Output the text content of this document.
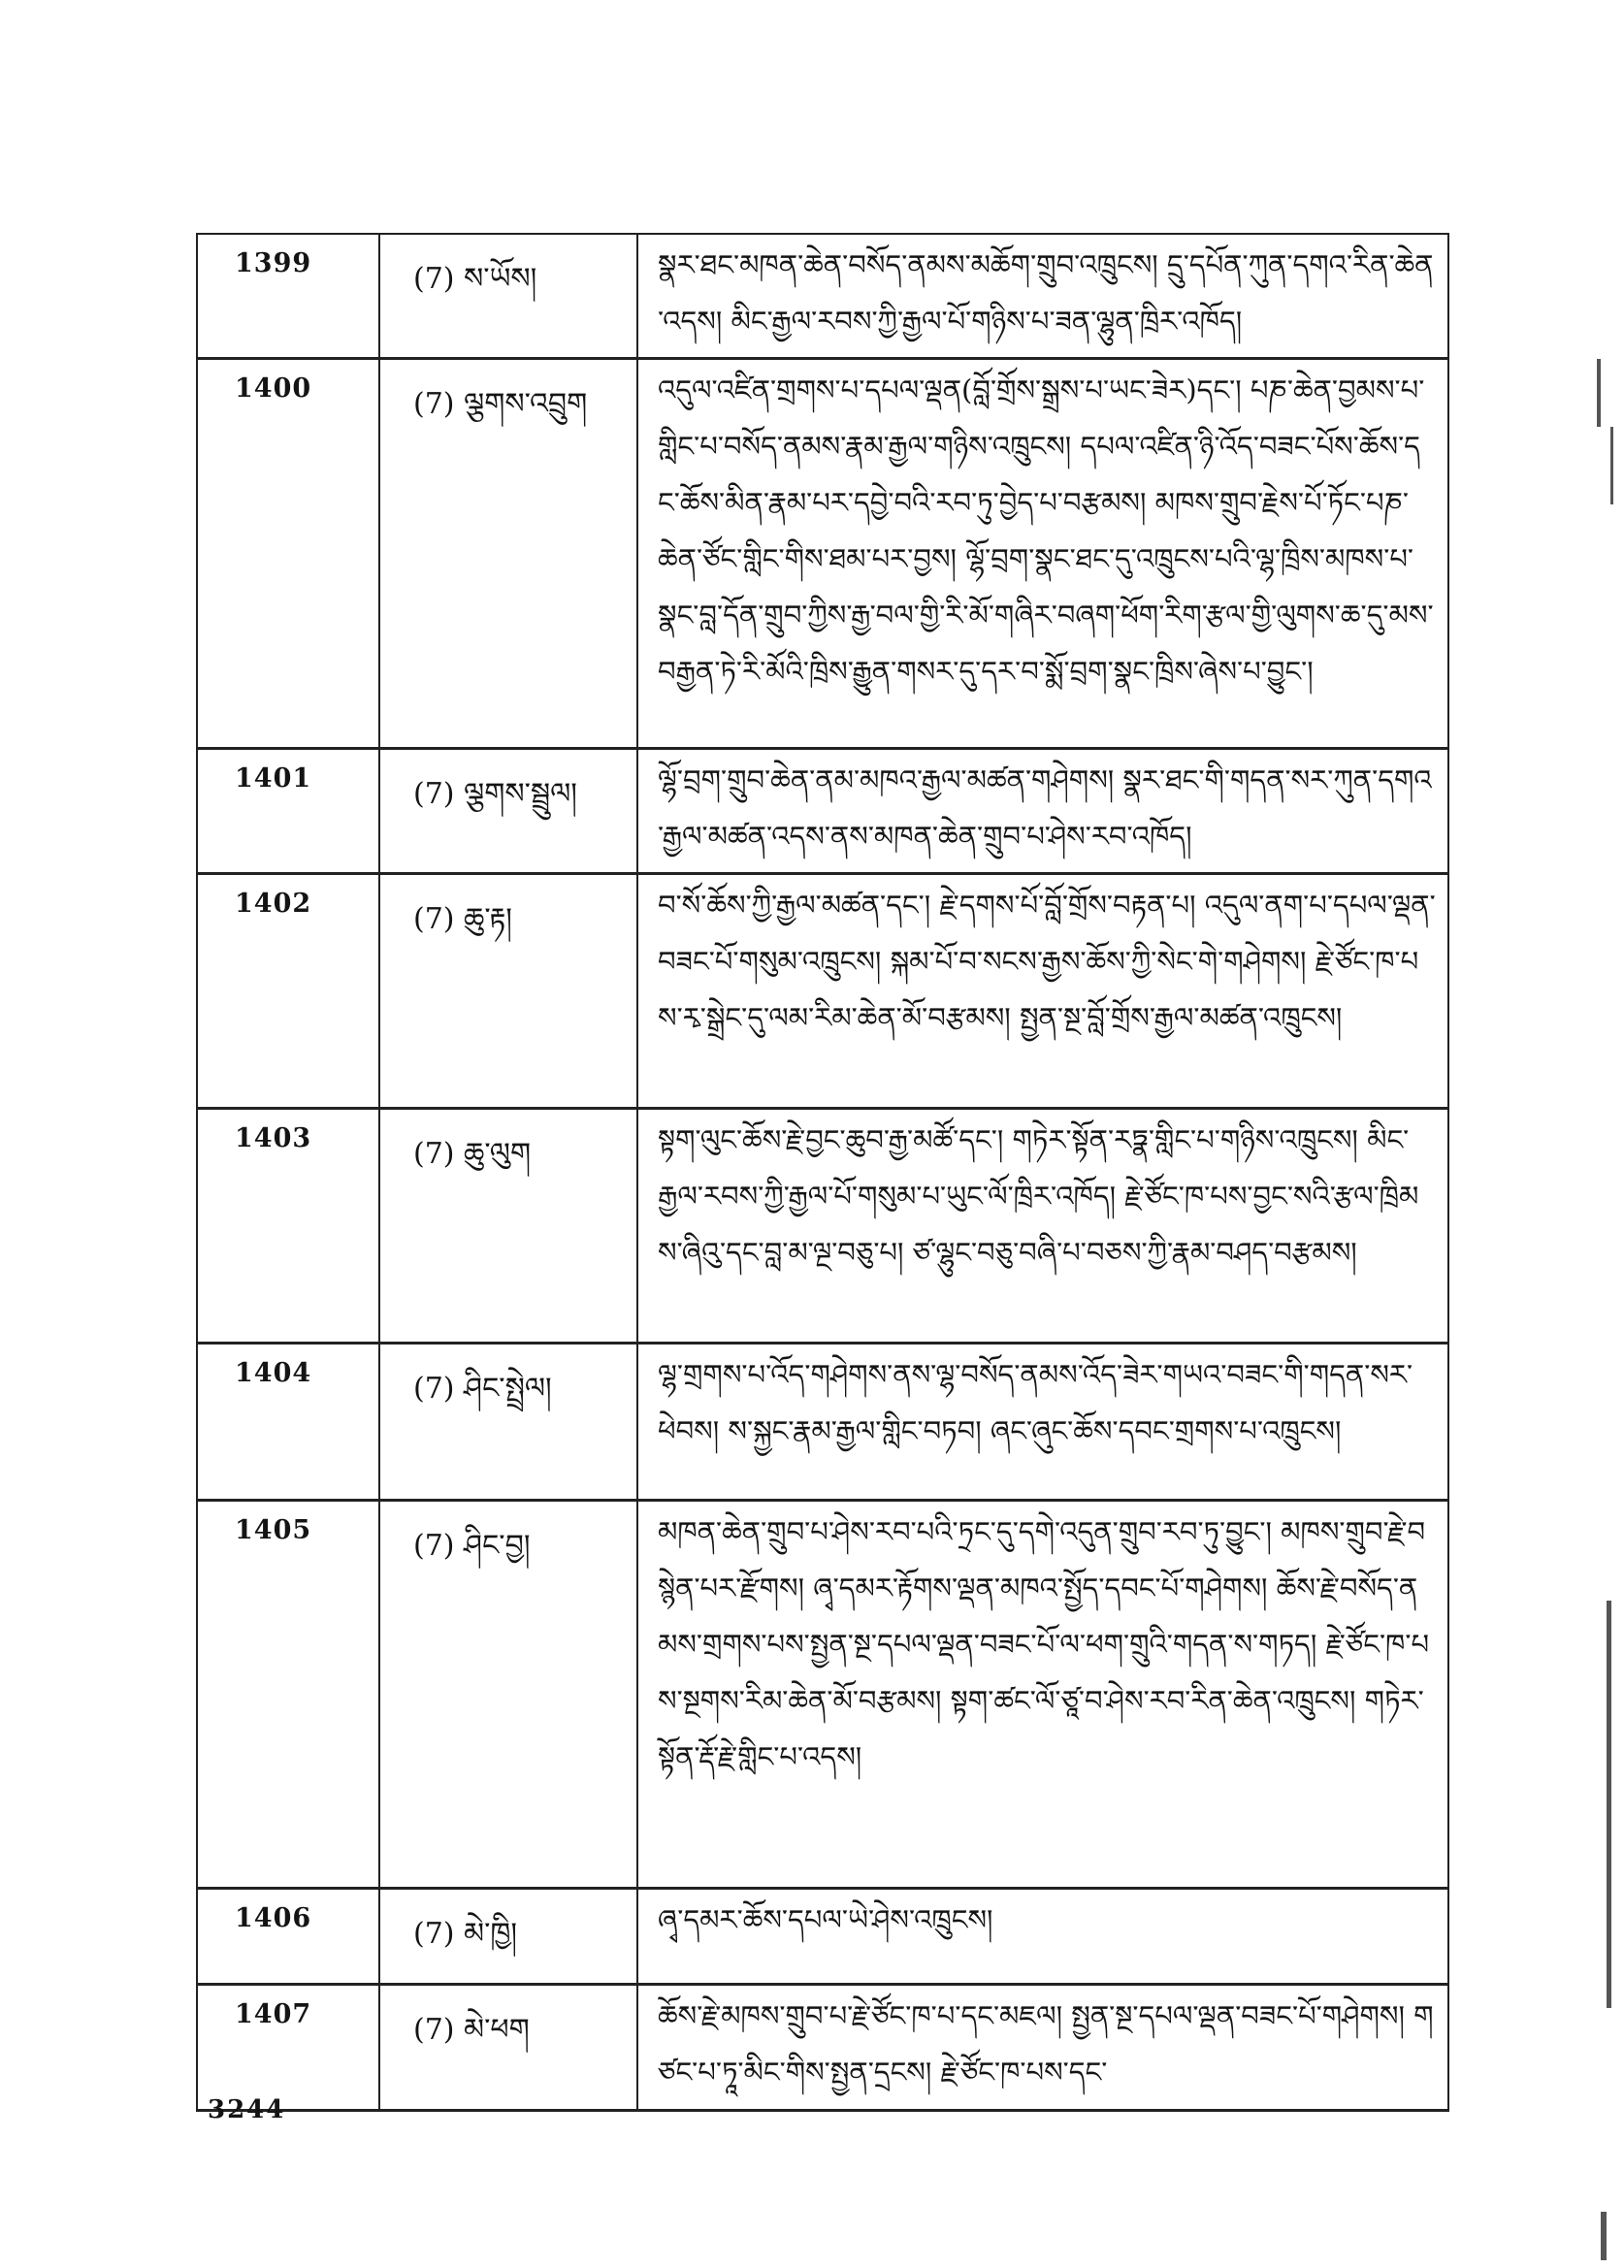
1399	(7) ས་ཡོས།	སྣར་ཐང་མཁན་ཆེན་བསོད་ནམས་མཆོག་གྲུབ་འཁྲུངས། དྲུ་དཔོན་ཀུན་དགའ་རིན་ཆེན་འདས། མིང་རྒྱལ་རབས་ཀྱི་རྒྱལ་པོ་གཉིས་པ་ཟན་ལྷུན་ཁྲིར་འཁོད།
1400	(7) ལྕགས་འབྲུག	འདུལ་འཛིན་གྲགས་པ་དཔལ་ལྡན(བློ་གྲོས་སྒྲས་པ་ཡང་ཟེར)དང་། པཎ་ཆེན་བྱམས་པ་གླིང་པ་བསོད་ནམས་རྣམ་རྒྱལ་གཉིས་འཁྲུངས། དཔལ་འཛིན་ཉི་འོད་བཟང་པོས་ཆོས་དང་ཆོས་མིན་རྣམ་པར་དབྱེ་བའི་རབ་ཏུ་བྱེད་པ་བརྩམས། མཁས་གྲུབ་རྗེས་པོ་ཏོང་པཎ་ཆེན་ཙོང་གླིང་གིས་ཐམ་པར་བྱས། ལྷོ་བྲག་སྣང་ཐང་དུ་འཁྲུངས་པའི་ལྷ་ཁྲིས་མཁས་པ་སྣང་བླ་དོན་གྲུབ་ཀྱིས་རྒྱ་བལ་གྱི་རི་མོ་གཞིར་བཞག་ཕོག་རིག་རྩལ་གྱི་ལུགས་ཆ་དུ་མས་བརྒྱན་ཏེ་རི་མོའི་ཁྲིས་རྒྱུན་གསར་དུ་དར་བ་སྨོ་བྲག་སྣང་ཁྲིས་ཞེས་པ་བྱུང་།
1401	(7) ལྕགས་སྦྲུལ།	ལྷོ་བྲག་གྲུབ་ཆེན་ནམ་མཁའ་རྒྱལ་མཚན་གཤེགས། སྣར་ཐང་གི་གདན་སར་ཀུན་དགའ་རྒྱལ་མཚན་འདས་ནས་མཁན་ཆེན་གྲུབ་པ་ཤེས་རབ་འཁོད།
1402	(7) ཆུ་རྟ།	བ་སོ་ཆོས་ཀྱི་རྒྱལ་མཚན་དང་། རྗེ་དགས་པོ་བློ་གྲོས་བརྟན་པ། འདུལ་ནག་པ་དཔལ་ལྡན་བཟང་པོ་གསུམ་འཁྲུངས། སྐམ་པོ་བ་སངས་རྒྱས་ཆོས་ཀྱི་སེང་གེ་གཤེགས། རྗེ་ཙོང་ཁ་པས་རྭ་སྒྲེང་དུ་ལམ་རིམ་ཆེན་མོ་བརྩམས། སྤྱན་སྔ་བློ་གྲོས་རྒྱལ་མཚན་འཁྲུངས།
1403	(7) ཆུ་ལུག	སྟག་ལུང་ཆོས་རྗེ་བྱང་ཆུབ་རྒྱ་མཚོ་དང་། གཏེར་སྟོན་རཏྣ་གླིང་པ་གཉིས་འཁྲུངས། མིང་རྒྱལ་རབས་ཀྱི་རྒྱལ་པོ་གསུམ་པ་ཡུང་ལོ་ཁྲིར་འཁོད། རྗེ་ཙོང་ཁ་པས་བྱང་སའི་རྩལ་ཁྲིམས་ཞིའུ་དང་བླ་མ་ལྔ་བཅུ་པ། ཙ་ལྷུང་བཅུ་བཞི་པ་བཅས་ཀྱི་རྣམ་བཤད་བརྩམས།
1404	(7) ཤིང་སྤྲེལ།	ལྷ་གྲགས་པ་འོད་གཤེགས་ནས་ལྷ་བསོད་ནམས་འོད་ཟེར་གཡའ་བཟང་གི་གདན་སར་ཕེབས། ས་སྐྱང་རྣམ་རྒྱལ་གླིང་བཏབ། ཞང་ཞུང་ཆོས་དབང་གྲགས་པ་འཁྲུངས།
1405	(7) ཤིང་བྱ།	མཁན་ཆེན་གྲུབ་པ་ཤེས་རབ་པའི་ཏྲང་དུ་དགེ་འདུན་གྲུབ་རབ་ཏུ་བྱུང་། མཁས་གྲུབ་རྗེ་བསྙེན་པར་རྫོགས། ཞྭ་དམར་རྟོགས་ལྡན་མཁའ་སྤྱོད་དབང་པོ་གཤེགས། ཆོས་རྗེ་བསོད་ནམས་གྲགས་པས་སྤྱན་སྔ་དཔལ་ལྡན་བཟང་པོ་ལ་ཕག་གྲུའི་གདན་ས་གཏད། རྗེ་ཙོང་ཁ་པས་སྔགས་རིམ་ཆེན་མོ་བརྩམས། སྟག་ཚང་ལོ་ཙཱ་བ་ཤེས་རབ་རིན་ཆེན་འཁྲུངས། གཏེར་སྟོན་རྡོ་རྗེ་གླིང་པ་འདས།
1406	(7) མེ་ཁྱི།	ཞྭ་དམར་ཆོས་དཔལ་ཡེ་ཤེས་འཁྲུངས།
1407	(7) མེ་ཕག	ཆོས་རྗེ་མཁས་གྲུབ་པ་རྗེ་ཙོང་ཁ་པ་དང་མཇལ། སྤྱན་སྔ་དཔལ་ལྡན་བཟང་པོ་གཤེགས། གཙང་པ་ཏཱ་མིང་གིས་སྤྱན་དྲངས། རྗེ་ཙོང་ཁ་པས་དང་
3244
